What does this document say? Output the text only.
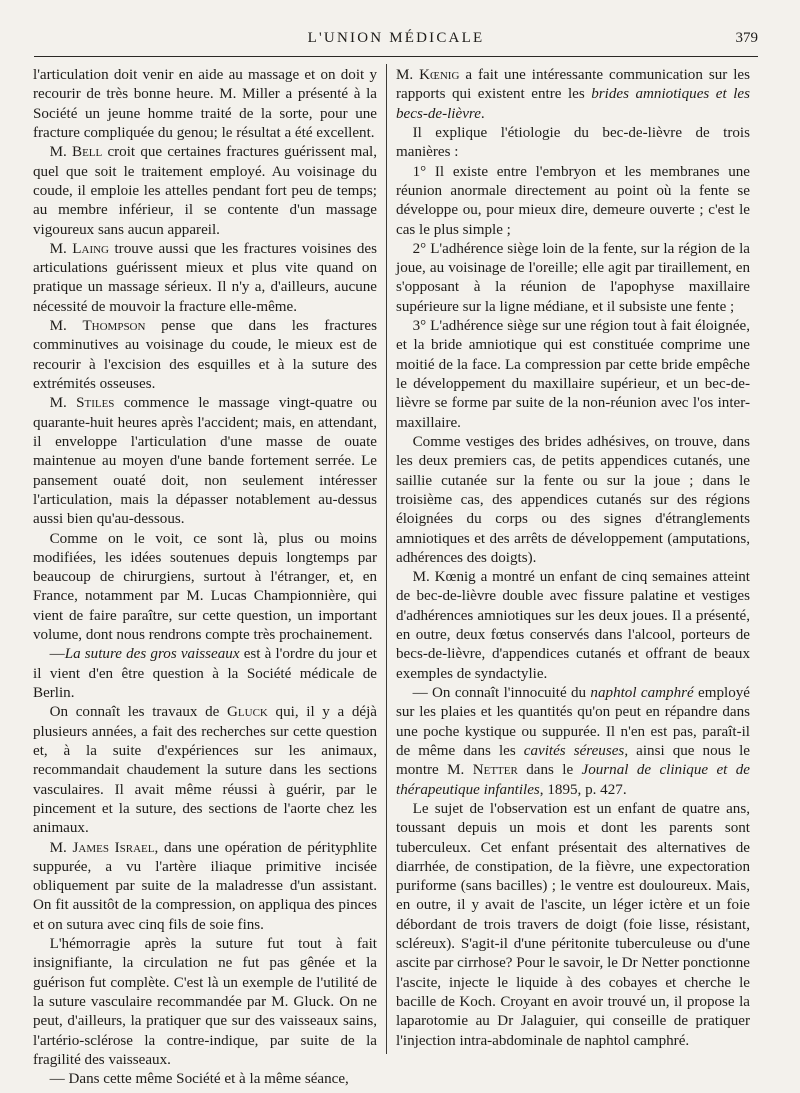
L'UNION MÉDICALE	379

l'articulation doit venir en aide au massage et on doit y recourir de très bonne heure. M. Miller a présenté à la Société un jeune homme traité de la sorte, pour une fracture compliquée du genou; le résultat a été excellent.

M. Bell croit que certaines fractures guérissent mal, quel que soit le traitement employé. Au voisinage du coude, il emploie les attelles pendant fort peu de temps; au membre inférieur, il se contente d'un massage vigoureux sans aucun appareil.

M. Laing trouve aussi que les fractures voisines des articulations guérissent mieux et plus vite quand on pratique un massage sérieux. Il n'y a, d'ailleurs, aucune nécessité de mouvoir la fracture elle-même.

M. Thompson pense que dans les fractures comminutives au voisinage du coude, le mieux est de recourir à l'excision des esquilles et à la suture des extrémités osseuses.

M. Stiles commence le massage vingt-quatre ou quarante-huit heures après l'accident; mais, en attendant, il enveloppe l'articulation d'une masse de ouate maintenue au moyen d'une bande fortement serrée. Le pansement ouaté doit, non seulement intéresser l'articulation, mais la dépasser notablement au-dessus aussi bien qu'au-dessous.

Comme on le voit, ce sont là, plus ou moins modifiées, les idées soutenues depuis longtemps par beaucoup de chirurgiens, surtout à l'étranger, et, en France, notamment par M. Lucas Championnière, qui vient de faire paraître, sur cette question, un important volume, dont nous rendrons compte très prochainement.

—La suture des gros vaisseaux est à l'ordre du jour et il vient d'en être question à la Société médicale de Berlin.

On connaît les travaux de Gluck qui, il y a déjà plusieurs années, a fait des recherches sur cette question et, à la suite d'expériences sur les animaux, recommandait chaudement la suture dans les sections vasculaires. Il avait même réussi à guérir, par le pincement et la suture, des sections de l'aorte chez les animaux.

M. James Israel, dans une opération de pérityphlite suppurée, a vu l'artère iliaque primitive incisée obliquement par suite de la maladresse d'un assistant. On fit aussitôt de la compression, on appliqua des pinces et on sutura avec cinq fils de soie fins.

L'hémorragie après la suture fut tout à fait insignifiante, la circulation ne fut pas gênée et la guérison fut complète. C'est là un exemple de l'utilité de la suture vasculaire recommandée par M. Gluck. On ne peut, d'ailleurs, la pratiquer que sur des vaisseaux sains, l'artério-sclérose la contre-indique, par suite de la fragilité des vaisseaux.

— Dans cette même Société et à la même séance,

M. Kœnig a fait une intéressante communication sur les rapports qui existent entre les brides amniotiques et les becs-de-lièvre.

Il explique l'étiologie du bec-de-lièvre de trois manières :

1° Il existe entre l'embryon et les membranes une réunion anormale directement au point où la fente se développe ou, pour mieux dire, demeure ouverte ; c'est le cas le plus simple ;

2° L'adhérence siège loin de la fente, sur la région de la joue, au voisinage de l'oreille; elle agit par tiraillement, en s'opposant à la réunion de l'apophyse maxillaire supérieure sur la ligne médiane, et il subsiste une fente ;

3° L'adhérence siège sur une région tout à fait éloignée, et la bride amniotique qui est constituée comprime une moitié de la face. La compression par cette bride empêche le développement du maxillaire supérieur, et un bec-de-lièvre se forme par suite de la non-réunion avec l'os inter-maxillaire.

Comme vestiges des brides adhésives, on trouve, dans les deux premiers cas, de petits appendices cutanés, une saillie cutanée sur la fente ou sur la joue ; dans le troisième cas, des appendices cutanés sur des régions éloignées du corps ou des signes d'étranglements amniotiques et des arrêts de développement (amputations, adhérences des doigts).

M. Kœnig a montré un enfant de cinq semaines atteint de bec-de-lièvre double avec fissure palatine et vestiges d'adhérences amniotiques sur les deux joues. Il a présenté, en outre, deux fœtus conservés dans l'alcool, porteurs de becs-de-lièvre, d'appendices cutanés et offrant de beaux exemples de syndactylie.

— On connaît l'innocuité du naphtol camphré employé sur les plaies et les quantités qu'on peut en répandre dans une poche kystique ou suppurée. Il n'en est pas, paraît-il de même dans les cavités séreuses, ainsi que nous le montre M. Netter dans le Journal de clinique et de thérapeutique infantiles, 1895, p. 427.

Le sujet de l'observation est un enfant de quatre ans, toussant depuis un mois et dont les parents sont tuberculeux. Cet enfant présentait des alternatives de diarrhée, de constipation, de la fièvre, une expectoration puriforme (sans bacilles) ; le ventre est douloureux. Mais, en outre, il y avait de l'ascite, un léger ictère et un foie débordant de trois travers de doigt (foie lisse, résistant, scléreux). S'agit-il d'une péritonite tuberculeuse ou d'une ascite par cirrhose? Pour le savoir, le Dr Netter ponctionne l'ascite, injecte le liquide à des cobayes et cherche le bacille de Koch. Croyant en avoir trouvé un, il propose la laparotomie au Dr Jalaguier, qui conseille de pratiquer l'injection intra-abdominale de naphtol camphré.
